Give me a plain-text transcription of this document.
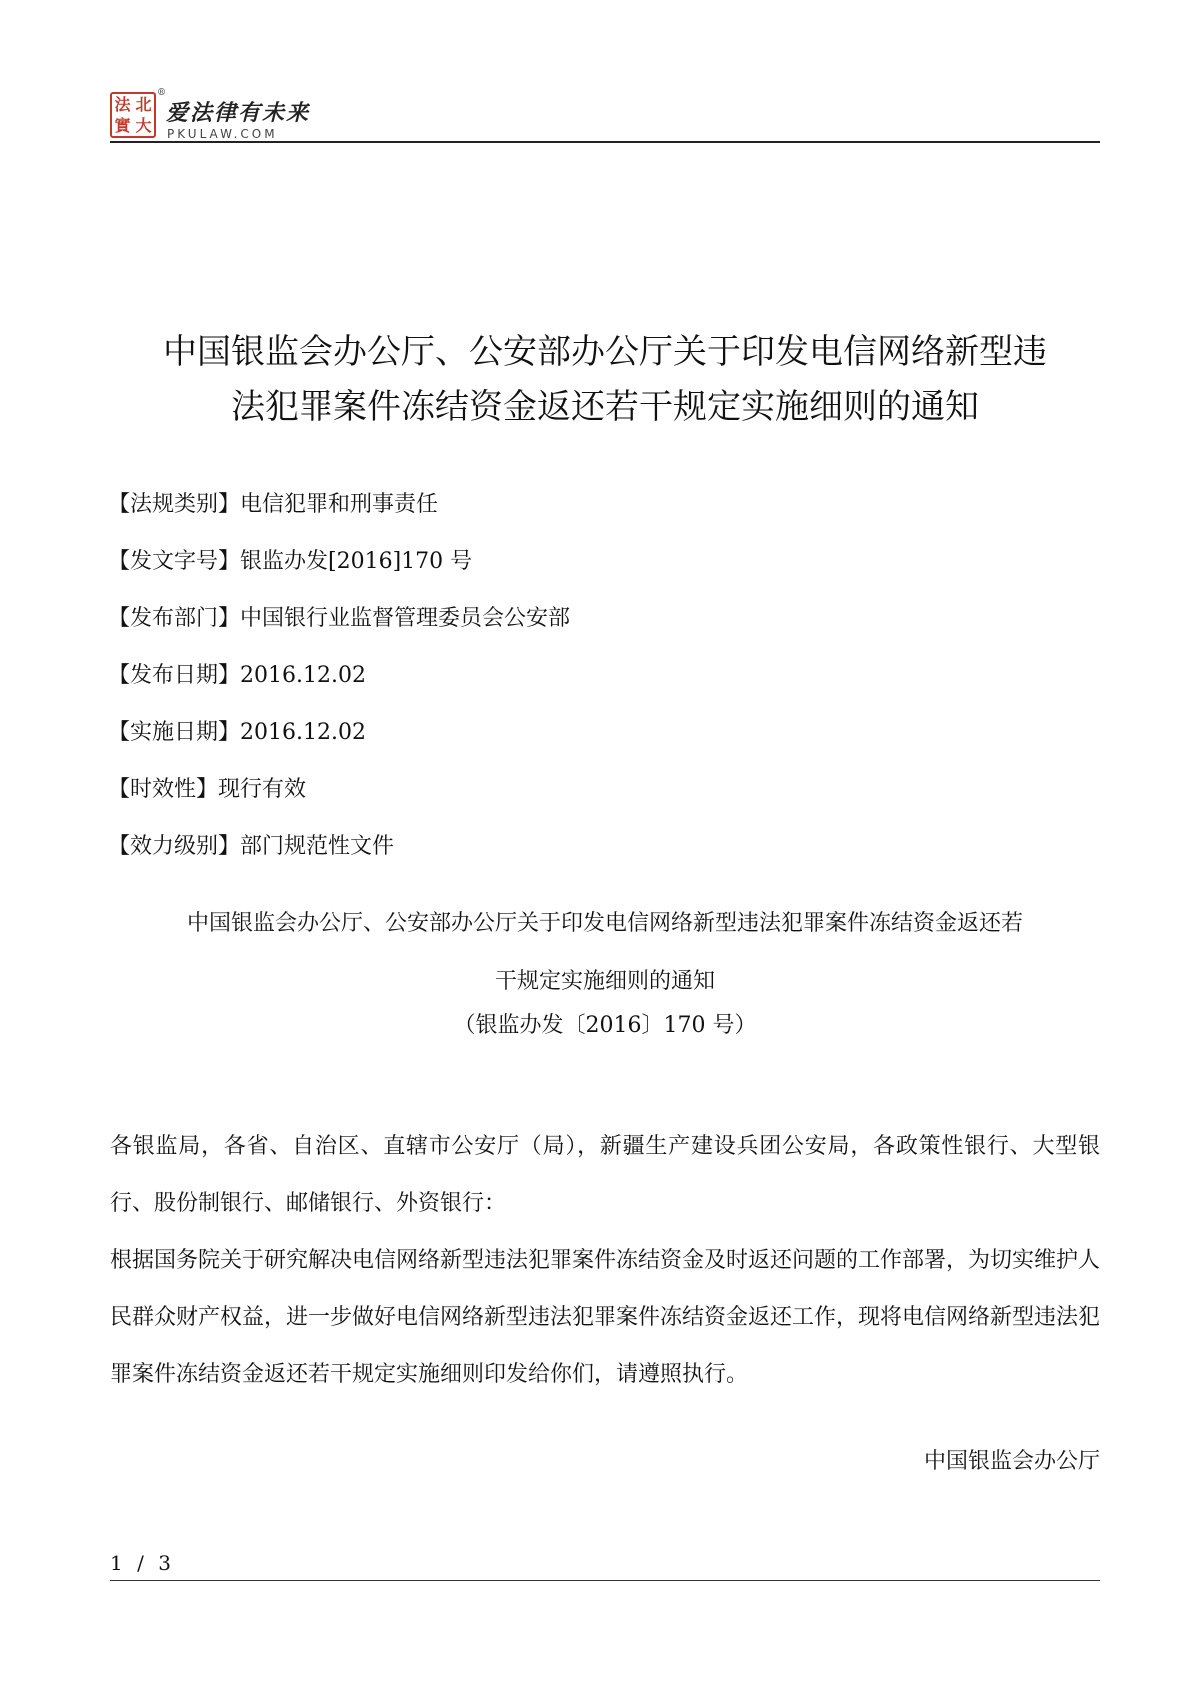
法 北
實 大
®
爱法律有未来
PKULAW.COM
中国银监会办公厅、公安部办公厅关于印发电信网络新型违
法犯罪案件冻结资金返还若干规定实施细则的通知
【法规类别】电信犯罪和刑事责任
【发文字号】银监办发[2016]170 号
【发布部门】中国银行业监督管理委员会公安部
【发布日期】2016.12.02
【实施日期】2016.12.02
【时效性】现行有效
【效力级别】部门规范性文件
中国银监会办公厅、公安部办公厅关于印发电信网络新型违法犯罪案件冻结资金返还若
干规定实施细则的通知
（银监办发〔2016〕170 号）

各银监局，各省、自治区、直辖市公安厅（局），新疆生产建设兵团公安局，各政策性银行、大型银行、股份制银行、邮储银行、外资银行：

根据国务院关于研究解决电信网络新型违法犯罪案件冻结资金及时返还问题的工作部署，为切实维护人民群众财产权益，进一步做好电信网络新型违法犯罪案件冻结资金返还工作，现将电信网络新型违法犯罪案件冻结资金返还若干规定实施细则印发给你们，请遵照执行。

中国银监会办公厅
1 / 3
